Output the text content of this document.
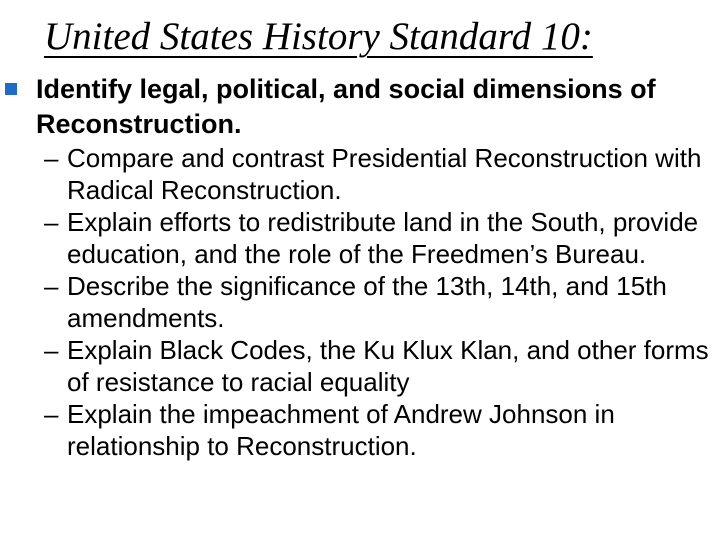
United States History Standard 10:

Identify legal, political, and social dimensions of Reconstruction.

– Compare and contrast Presidential Reconstruction with Radical Reconstruction.
– Explain efforts to redistribute land in the South, provide education, and the role of the Freedmen’s Bureau.
– Describe the significance of the 13th, 14th, and 15th amendments.
– Explain Black Codes, the Ku Klux Klan, and other forms of resistance to racial equality
– Explain the impeachment of Andrew Johnson in relationship to Reconstruction.
